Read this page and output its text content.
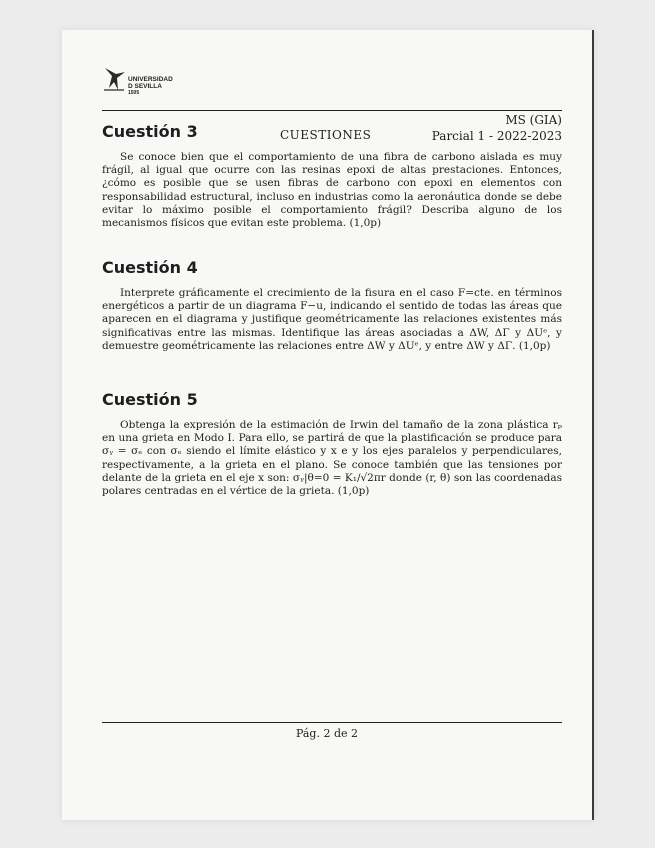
UNIVERSIDAD
D SEVILLA
1505
CUESTIONES
MS (GIA)
Parcial 1 - 2022-2023
Cuestión 3

Se conoce bien que el comportamiento de una fibra de carbono aislada es muy frágil, al igual que ocurre con las resinas epoxi de altas prestaciones. Entonces, ¿cómo es posible que se usen fibras de carbono con epoxi en elementos con responsabilidad estructural, incluso en industrias como la aeronáutica donde se debe evitar lo máximo posible el comportamiento frágil? Describa alguno de los mecanismos físicos que evitan este problema. (1,0p)

Cuestión 4

Interprete gráficamente el crecimiento de la fisura en el caso F=cte. en términos energéticos a partir de un diagrama F−u, indicando el sentido de todas las áreas que aparecen en el diagrama y justifique geométricamente las relaciones existentes más significativas entre las mismas. Identifique las áreas asociadas a ΔW, ΔΓ y ΔUᵉ, y demuestre geométricamente las relaciones entre ΔW y ΔUᵉ, y entre ΔW y ΔΓ. (1,0p)

Cuestión 5

Obtenga la expresión de la estimación de Irwin del tamaño de la zona plástica rₚ en una grieta en Modo I. Para ello, se partirá de que la plastificación se produce para σᵧ = σₑ con σₑ siendo el límite elástico y x e y los ejes paralelos y perpendiculares, respectivamente, a la grieta en el plano. Se conoce también que las tensiones por delante de la grieta en el eje x son: σᵧ|θ=0 = K₁/√2πr donde (r, θ) son las coordenadas polares centradas en el vértice de la grieta. (1,0p)

Pág. 2 de 2
